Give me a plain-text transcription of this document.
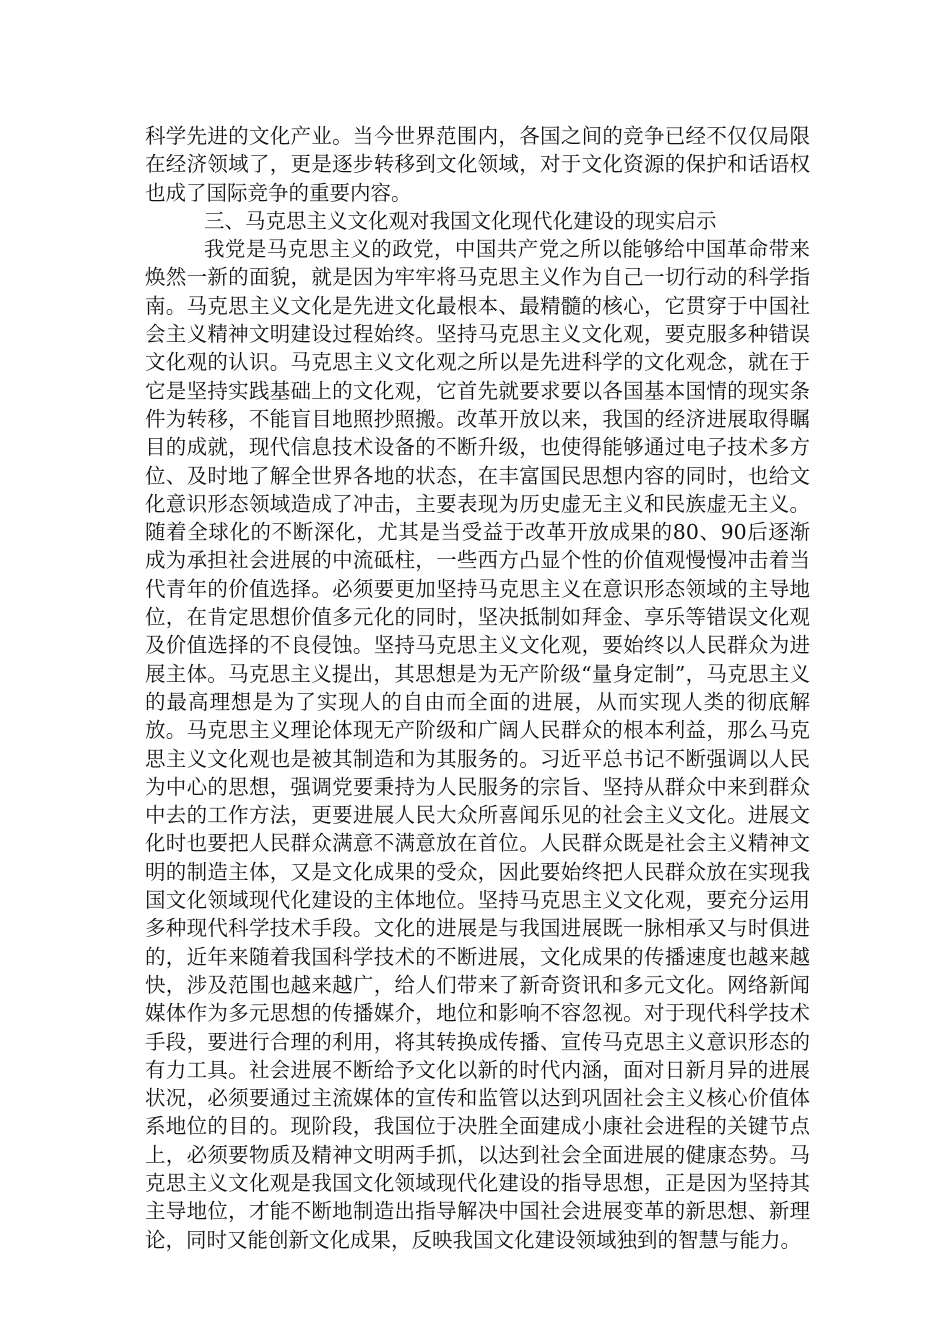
科学先进的文化产业。当今世界范围内，各国之间的竞争已经不仅仅局限在经济领域了，更是逐步转移到文化领域，对于文化资源的保护和话语权也成了国际竞争的重要内容。

三、马克思主义文化观对我国文化现代化建设的现实启示

我党是马克思主义的政党，中国共产党之所以能够给中国革命带来焕然一新的面貌，就是因为牢牢将马克思主义作为自己一切行动的科学指南。马克思主义文化是先进文化最根本、最精髓的核心，它贯穿于中国社会主义精神文明建设过程始终。坚持马克思主义文化观，要克服多种错误文化观的认识。马克思主义文化观之所以是先进科学的文化观念，就在于它是坚持实践基础上的文化观，它首先就要求要以各国基本国情的现实条件为转移，不能盲目地照抄照搬。改革开放以来，我国的经济进展取得瞩目的成就，现代信息技术设备的不断升级，也使得能够通过电子技术多方位、及时地了解全世界各地的状态，在丰富国民思想内容的同时，也给文化意识形态领域造成了冲击，主要表现为历史虚无主义和民族虚无主义。随着全球化的不断深化，尤其是当受益于改革开放成果的80、90后逐渐成为承担社会进展的中流砥柱，一些西方凸显个性的价值观慢慢冲击着当代青年的价值选择。必须要更加坚持马克思主义在意识形态领域的主导地位，在肯定思想价值多元化的同时，坚决抵制如拜金、享乐等错误文化观及价值选择的不良侵蚀。坚持马克思主义文化观，要始终以人民群众为进展主体。马克思主义提出，其思想是为无产阶级“量身定制”，马克思主义的最高理想是为了实现人的自由而全面的进展，从而实现人类的彻底解放。马克思主义理论体现无产阶级和广阔人民群众的根本利益，那么马克思主义文化观也是被其制造和为其服务的。习近平总书记不断强调以人民为中心的思想，强调党要秉持为人民服务的宗旨、坚持从群众中来到群众中去的工作方法，更要进展人民大众所喜闻乐见的社会主义文化。进展文化时也要把人民群众满意不满意放在首位。人民群众既是社会主义精神文明的制造主体，又是文化成果的受众，因此要始终把人民群众放在实现我国文化领域现代化建设的主体地位。坚持马克思主义文化观，要充分运用多种现代科学技术手段。文化的进展是与我国进展既一脉相承又与时俱进的，近年来随着我国科学技术的不断进展，文化成果的传播速度也越来越快，涉及范围也越来越广，给人们带来了新奇资讯和多元文化。网络新闻媒体作为多元思想的传播媒介，地位和影响不容忽视。对于现代科学技术手段，要进行合理的利用，将其转换成传播、宣传马克思主义意识形态的有力工具。社会进展不断给予文化以新的时代内涵，面对日新月异的进展状况，必须要通过主流媒体的宣传和监管以达到巩固社会主义核心价值体系地位的目的。现阶段，我国位于决胜全面建成小康社会进程的关键节点上，必须要物质及精神文明两手抓，以达到社会全面进展的健康态势。马克思主义文化观是我国文化领域现代化建设的指导思想，正是因为坚持其主导地位，才能不断地制造出指导解决中国社会进展变革的新思想、新理论，同时又能创新文化成果，反映我国文化建设领域独到的智慧与能力。
